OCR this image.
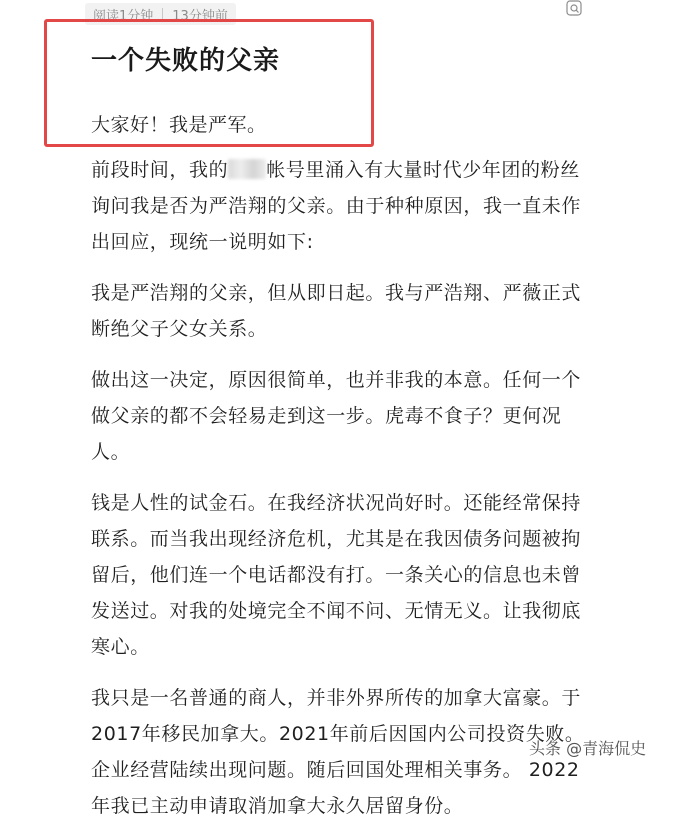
阅读1分钟 13分钟前
一个失败的父亲
大家好！我是严军。
前段时间，我的 帐号里涌入有大量时代少年团的粉丝
询问我是否为严浩翔的父亲。由于种种原因，我一直未作
出回应，现统一说明如下:
我是严浩翔的父亲，但从即日起。我与严浩翔、严薇正式
断绝父子父女关系。
做出这一决定，原因很简单，也并非我的本意。任何一个
做父亲的都不会轻易走到这一步。虎毒不食子？更何况
人。
钱是人性的试金石。在我经济状况尚好时。还能经常保持
联系。而当我出现经济危机，尤其是在我因债务问题被拘
留后，他们连一个电话都没有打。一条关心的信息也未曾
发送过。对我的处境完全不闻不问、无情无义。让我彻底
寒心。
我只是一名普通的商人，并非外界所传的加拿大富豪。于
2017年移民加拿大。2021年前后因国内公司投资失败。
企业经营陆续出现问题。随后回国处理相关事务。 2022
年我已主动申请取消加拿大永久居留身份。
头条 @青海侃史
